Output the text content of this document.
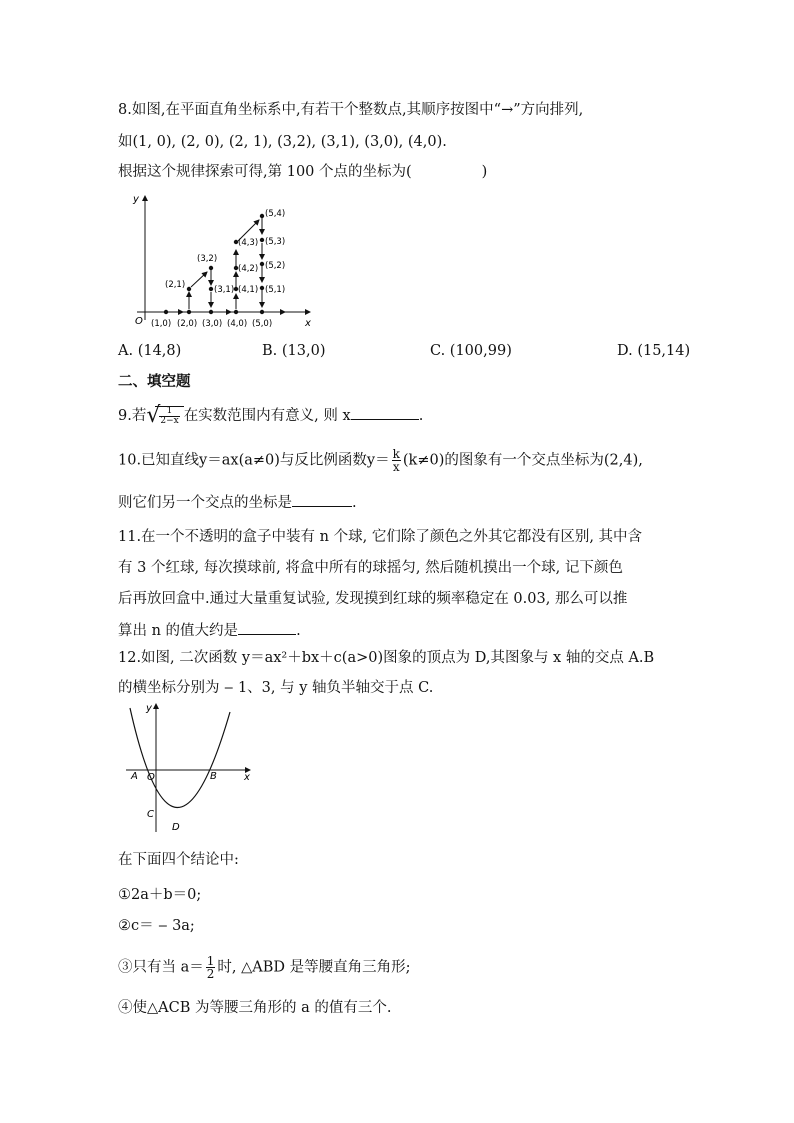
8.如图,在平面直角坐标系中,有若干个整数点,其顺序按图中“→”方向排列,
如(1, 0), (2, 0), (2, 1), (3,2), (3,1), (3,0), (4,0).
根据这个规律探索可得,第 100 个点的坐标为(	)
x
y
O (1,0) (2,0) (3,0) (4,0) (5,0)
(2,1)
(3,2)
(3,1)
(4,3)
(4,2)
(4,1)
(5,4)
(5,3)
(5,2)
(5,1)
A. (14,8)	B. (13,0)	C. (100,99)	D. (15,14)
二、填空题
9.若 √
$\frac{1}{2-x}$ 在实数范围内有意义, 则 x	.
10.已知直线y＝ax(a≠0)与反比例函数$y= \frac{k}{x} (k\ne 0)$的图象有一个交点坐标为(2,4),
则它们另一个交点的坐标是	.
11.在一个不透明的盒子中装有 n 个球, 它们除了颜色之外其它都没有区别, 其中含
有 3 个红球, 每次摸球前, 将盒中所有的球摇匀, 然后随机摸出一个球, 记下颜色
后再放回盒中.通过大量重复试验, 发现摸到红球的频率稳定在 0.03, 那么可以推
算出 n 的值大约是	.
12.如图, 二次函数 y＝ax²＋bx＋c(a>0)图象的顶点为 D,其图象与 x 轴的交点 A.B
的横坐标分别为 ‒ 1、3, 与 y 轴负半轴交于点 C.
x
y
A O	B
C
D
在下面四个结论中:
①2a＋b＝0;
②c＝ ‒ 3a;
③只有当 $a= \frac{1}{2}$ 时, △ABD 是等腰直角三角形;
④使△ACB 为等腰三角形的 a 的值有三个.
